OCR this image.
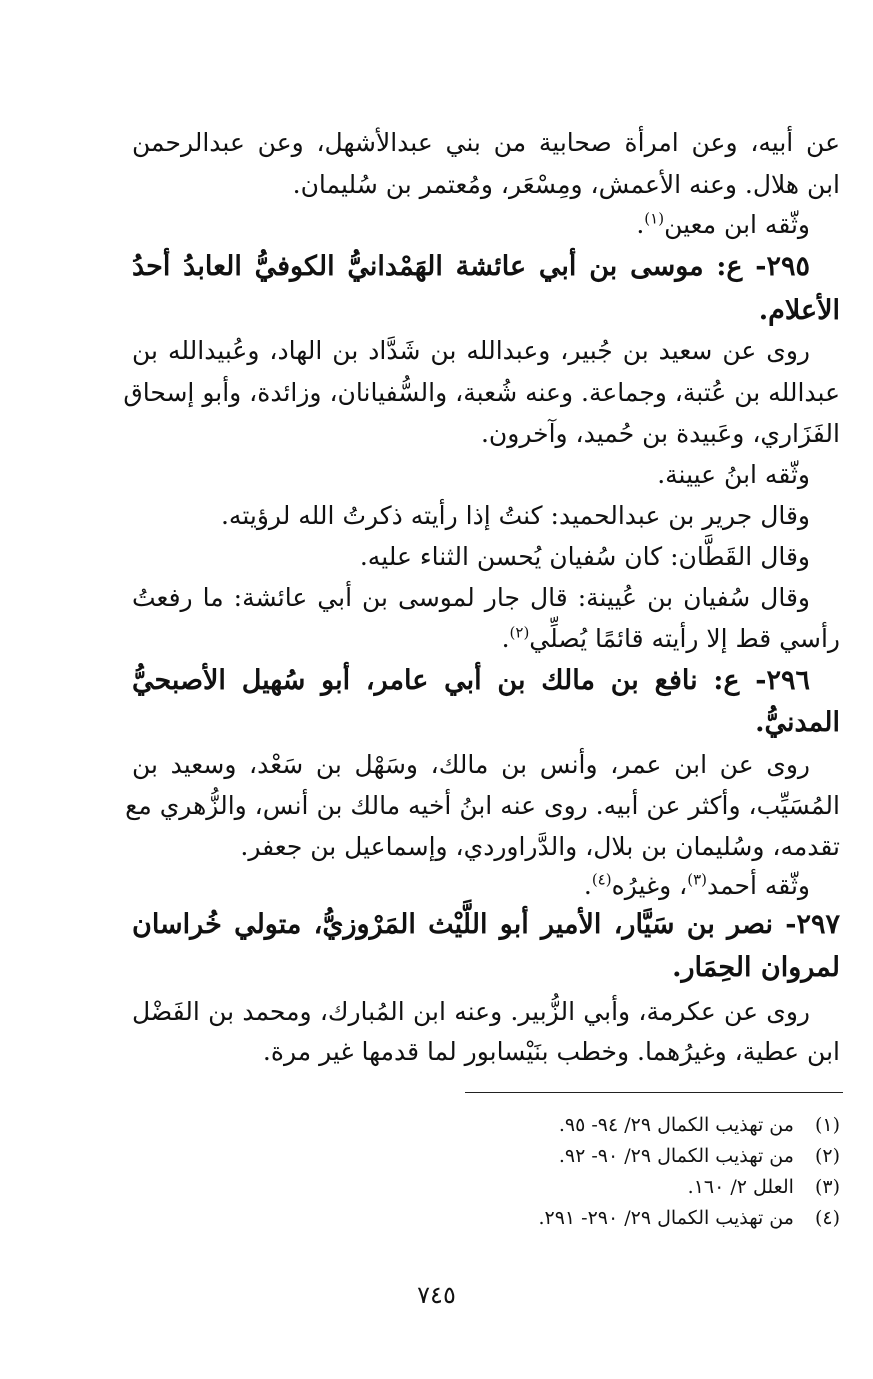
عن أبيه، وعن امرأة صحابية من بني عبدالأشهل، وعن عبدالرحمن
ابن هلال. وعنه الأعمش، ومِسْعَر، ومُعتمر بن سُليمان.
وثّقه ابن معين$^{(١)}$.
٢٩٥- ع: موسى بن أبي عائشة الهَمْدانيُّ الكوفيُّ العابدُ أحدُ
الأعلام.
روى عن سعيد بن جُبير، وعبدالله بن شَدَّاد بن الهاد، وعُبيدالله بن
عبدالله بن عُتبة، وجماعة. وعنه شُعبة، والسُّفيانان، وزائدة، وأبو إسحاق
الفَزَاري، وعَبيدة بن حُميد، وآخرون.
وثّقه ابنُ عيينة.
وقال جرير بن عبدالحميد: كنتُ إذا رأيته ذكرتُ الله لرؤيته.
وقال القَطَّان: كان سُفيان يُحسن الثناء عليه.
وقال سُفيان بن عُيينة: قال جار لموسى بن أبي عائشة: ما رفعتُ
رأسي قط إلا رأيته قائمًا يُصلِّي$^{(٢)}$.
٢٩٦- ع: نافع بن مالك بن أبي عامر، أبو سُهيل الأصبحيُّ
المدنيُّ.
روى عن ابن عمر، وأنس بن مالك، وسَهْل بن سَعْد، وسعيد بن
المُسَيِّب، وأكثر عن أبيه. روى عنه ابنُ أخيه مالك بن أنس، والزُّهري مع
تقدمه، وسُليمان بن بلال، والدَّراوردي، وإسماعيل بن جعفر.
وثّقه أحمد$^{(٣)}$، وغيرُه$^{(٤)}$.
٢٩٧- نصر بن سَيَّار، الأمير أبو اللَّيْث المَرْوزيُّ، متولي خُراسان
لمروان الحِمَار.
روى عن عكرمة، وأبي الزُّبير. وعنه ابن المُبارك، ومحمد بن الفَضْل
ابن عطية، وغيرُهما. وخطب بنَيْسابور لما قدمها غير مرة.
(١) من تهذيب الكمال ٢٩/ ٩٤- ٩٥.
(٢) من تهذيب الكمال ٢٩/ ٩٠- ٩٢.
(٣) العلل ٢/ ١٦٠.
(٤) من تهذيب الكمال ٢٩/ ٢٩٠- ٢٩١.
٧٤٥
